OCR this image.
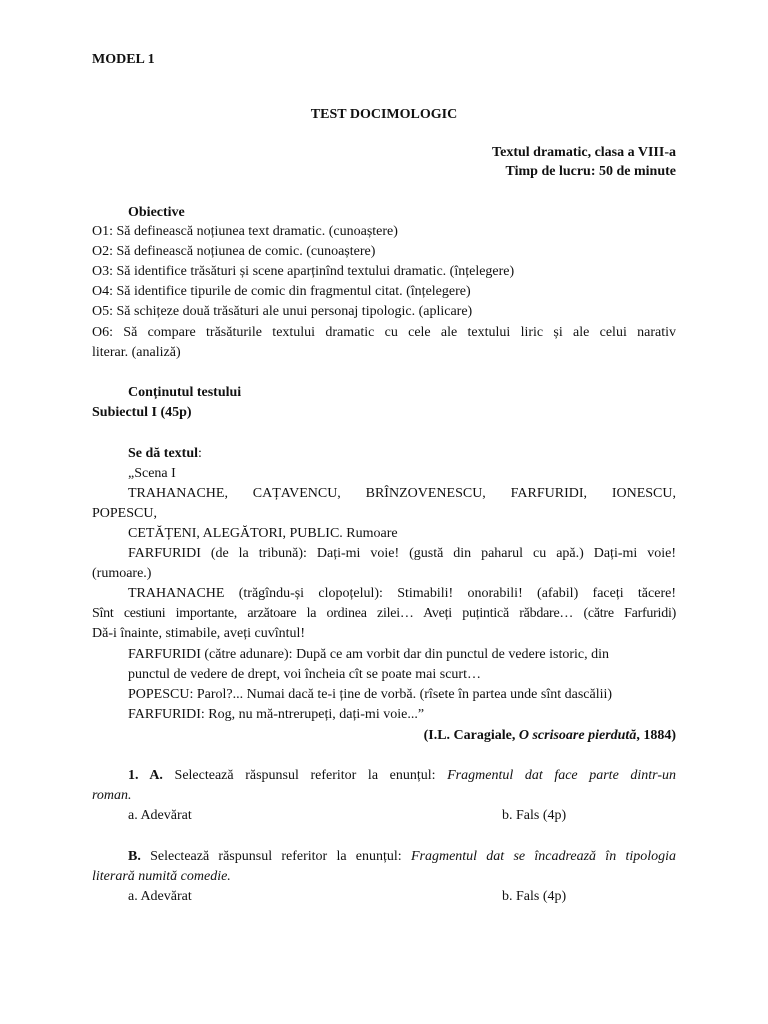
MODEL 1
TEST DOCIMOLOGIC
Textul dramatic, clasa a VIII-a
Timp de lucru: 50 de minute
Obiective
O1: Să definească noțiunea text dramatic. (cunoaștere)
O2: Să definească noțiunea de comic. (cunoaștere)
O3: Să identifice trăsături și scene aparținînd textului dramatic. (înțelegere)
O4: Să identifice tipurile de comic din fragmentul citat. (înțelegere)
O5: Să schițeze două trăsături ale unui personaj tipologic. (aplicare)
O6: Să compare trăsăturile textului dramatic cu cele ale textului liric și ale celui narativ
literar. (analiză)
Conținutul testului
Subiectul I (45p)
Se dă textul:
„Scena I
TRAHANACHE, CAȚAVENCU, BRÎNZOVENESCU, FARFURIDI, IONESCU,
POPESCU,
CETĂȚENI, ALEGĂTORI, PUBLIC. Rumoare
FARFURIDI (de la tribună): Dați-mi voie! (gustă din paharul cu apă.) Dați-mi voie!
(rumoare.)
TRAHANACHE (trăgîndu-și clopoțelul): Stimabili! onorabili! (afabil) faceți tăcere!
Sînt cestiuni importante, arzătoare la ordinea zilei… Aveți puțintică răbdare… (către Farfuridi)
Dă-i înainte, stimabile, aveți cuvîntul!
FARFURIDI (către adunare): După ce am vorbit dar din punctul de vedere istoric, din
punctul de vedere de drept, voi încheia cît se poate mai scurt…
POPESCU: Parol?... Numai dacă te-i ține de vorbă. (rîsete în partea unde sînt dascălii)
FARFURIDI: Rog, nu mă-ntrerupeți, dați-mi voie...”
(I.L. Caragiale, O scrisoare pierdută, 1884)
1. A. Selectează răspunsul referitor la enunțul: Fragmentul dat face parte dintr-un
roman.
a. Adevărat	b. Fals (4p)
B. Selectează răspunsul referitor la enunțul: Fragmentul dat se încadrează în tipologia
literară numită comedie.
a. Adevărat	b. Fals (4p)
